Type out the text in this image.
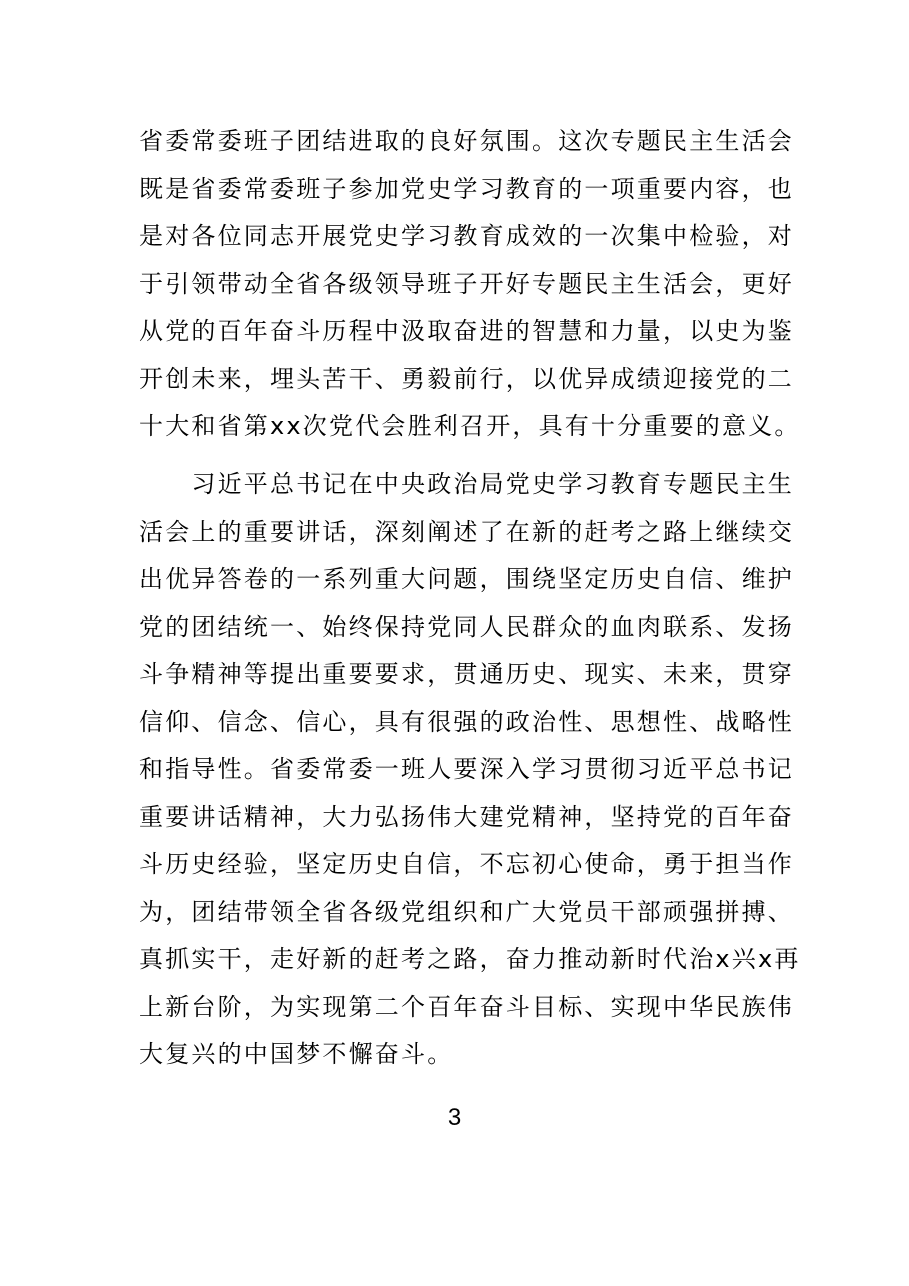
省委常委班子团结进取的良好氛围。这次专题民主生活会
既是省委常委班子参加党史学习教育的一项重要内容，也
是对各位同志开展党史学习教育成效的一次集中检验，对
于引领带动全省各级领导班子开好专题民主生活会，更好
从党的百年奋斗历程中汲取奋进的智慧和力量，以史为鉴
开创未来，埋头苦干、勇毅前行，以优异成绩迎接党的二
十大和省第xx次党代会胜利召开，具有十分重要的意义。
　　习近平总书记在中央政治局党史学习教育专题民主生
活会上的重要讲话，深刻阐述了在新的赶考之路上继续交
出优异答卷的一系列重大问题，围绕坚定历史自信、维护
党的团结统一、始终保持党同人民群众的血肉联系、发扬
斗争精神等提出重要要求，贯通历史、现实、未来，贯穿
信仰、信念、信心，具有很强的政治性、思想性、战略性
和指导性。省委常委一班人要深入学习贯彻习近平总书记
重要讲话精神，大力弘扬伟大建党精神，坚持党的百年奋
斗历史经验，坚定历史自信，不忘初心使命，勇于担当作
为，团结带领全省各级党组织和广大党员干部顽强拼搏、
真抓实干，走好新的赶考之路，奋力推动新时代治x兴x再
上新台阶，为实现第二个百年奋斗目标、实现中华民族伟
大复兴的中国梦不懈奋斗。
3
